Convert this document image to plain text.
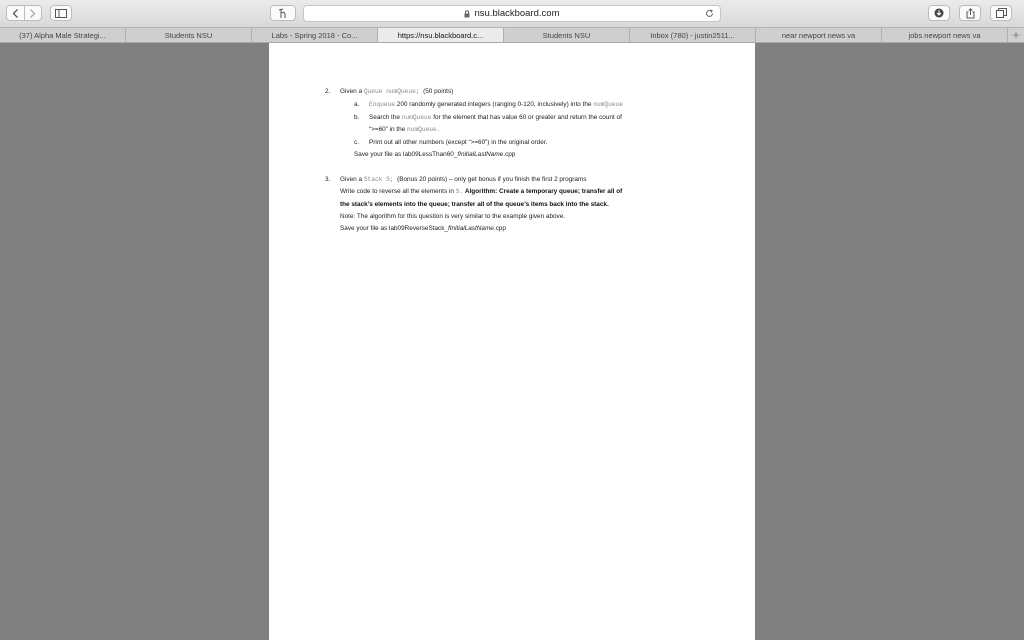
nsu.blackboard.com
(37) Alpha Male Strategi...	Students NSU	Labs - Spring 2018 - Co...	https://nsu.blackboard.c...	Students NSU	Inbox (780) - justin2511...	near newport news va	jobs newport news va	+
2. Given a Queue numQueue; (50 points)
a. Enqueue 200 randomly generated integers (ranging 0-120, inclusively) into the numQueue
b. Search the numQueue for the element that has value 60 or greater and return the count of
“>=60” in the numQueue.
c. Print out all other numbers (except “>=60”) in the original order.
Save your file as lab09LessThan60_fInitialLastName.cpp
3. Given a Stack S; (Bonus 20 points) – only get bonus if you finish the first 2 programs
Write code to reverse all the elements in S. Algorithm: Create a temporary queue; transfer all of
the stack’s elements into the queue; transfer all of the queue’s items back into the stack.
Note: The algorithm for this question is very similar to the example given above.
Save your file as lab09ReverseStack_fInitialLastName.cpp
